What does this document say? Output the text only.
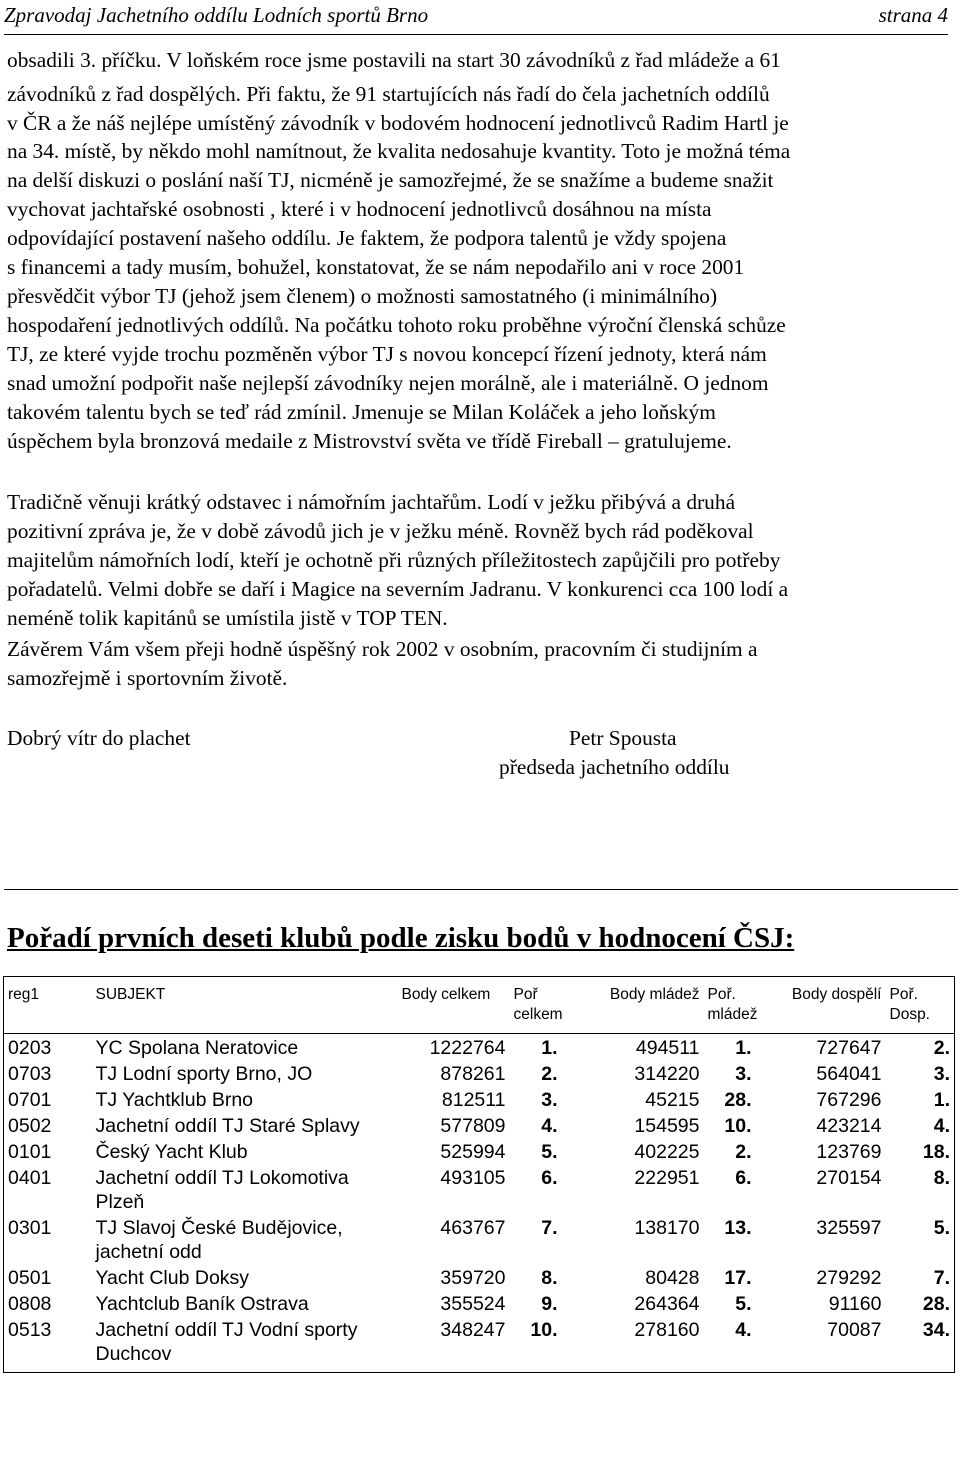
Zpravodaj Jachetního oddílu Lodních sportů Brno	strana 4
obsadili 3. příčku. V loňském roce jsme postavili na start 30 závodníků z řad mládeže a 61
závodníků z řad dospělých. Při faktu, že 91 startujících nás řadí do čela jachetních oddílů
v ČR a že náš nejlépe umístěný závodník v bodovém hodnocení jednotlivců Radim Hartl je
na 34. místě, by někdo mohl namítnout, že kvalita nedosahuje kvantity. Toto je možná téma
na delší diskuzi o poslání naší TJ, nicméně je samozřejmé, že se snažíme a budeme snažit
vychovat jachtařské osobnosti , které i v hodnocení jednotlivců dosáhnou na místa
odpovídající postavení našeho oddílu. Je faktem, že podpora talentů je vždy spojena
s financemi a tady musím, bohužel, konstatovat, že se nám nepodařilo ani v roce 2001
přesvědčit výbor TJ (jehož jsem členem) o možnosti samostatného (i minimálního)
hospodaření jednotlivých oddílů. Na počátku tohoto roku proběhne výroční členská schůze
TJ, ze které vyjde trochu pozměněn výbor TJ s novou koncepcí řízení jednoty, která nám
snad umožní podpořit naše nejlepší závodníky nejen morálně, ale i materiálně. O jednom
takovém talentu bych se teď rád zmínil. Jmenuje se Milan Koláček a jeho loňským
úspěchem byla bronzová medaile z Mistrovství světa ve třídě Fireball – gratulujeme.
Tradičně věnuji krátký odstavec i námořním jachtařům. Lodí v ježku přibývá a druhá
pozitivní zpráva je, že v době závodů jich je v ježku méně. Rovněž bych rád poděkoval
majitelům námořních lodí, kteří je ochotně při různých příležitostech zapůjčili pro potřeby
pořadatelů. Velmi dobře se daří i Magice na severním Jadranu. V konkurenci cca 100 lodí a
neméně tolik kapitánů se umístila jistě v TOP TEN.
Závěrem Vám všem přeji hodně úspěšný rok 2002 v osobním, pracovním či studijním a
samozřejmě i sportovním životě.
Dobrý vítr do plachet	Petr Spousta
předseda jachetního oddílu
Pořadí prvních deseti klubů podle zisku bodů v hodnocení ČSJ:
reg1	SUBJEKT	Body celkem	Poř celkem	Body mládež	Poř. mládež	Body dospělí	Poř. Dosp.
0203	YC Spolana Neratovice	1222764	1.	494511	1.	727647	2.
0703	TJ Lodní sporty Brno, JO	878261	2.	314220	3.	564041	3.
0701	TJ Yachtklub Brno	812511	3.	45215	28.	767296	1.
0502	Jachetní oddíl TJ Staré Splavy	577809	4.	154595	10.	423214	4.
0101	Český Yacht Klub	525994	5.	402225	2.	123769	18.
0401	Jachetní oddíl TJ Lokomotiva Plzeň	493105	6.	222951	6.	270154	8.
0301	TJ Slavoj České Budějovice, jachetní odd	463767	7.	138170	13.	325597	5.
0501	Yacht Club Doksy	359720	8.	80428	17.	279292	7.
0808	Yachtclub Baník Ostrava	355524	9.	264364	5.	91160	28.
0513	Jachetní oddíl TJ Vodní sporty Duchcov	348247	10.	278160	4.	70087	34.
